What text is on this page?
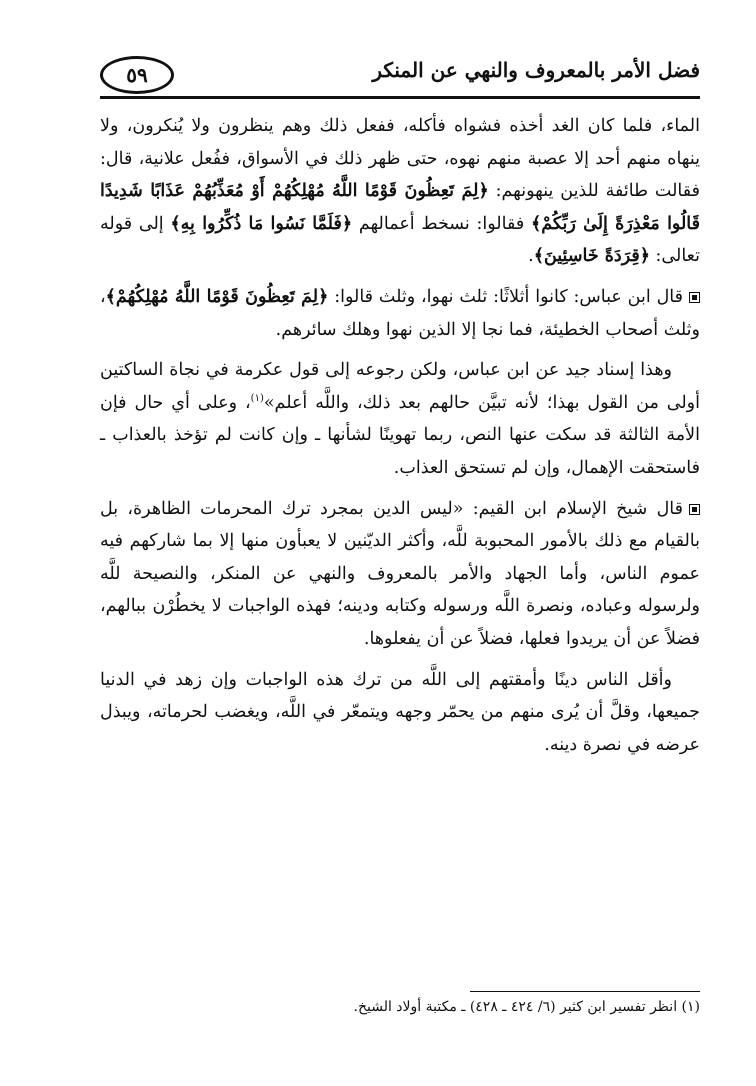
فضل الأمر بالمعروف والنهي عن المنكر
٥٩

الماء، فلما كان الغد أخذه فشواه فأكله، ففعل ذلك وهم ينظرون ولا يُنكرون، ولا ينهاه منهم أحد إلا عصبة منهم نهوه، حتى ظهر ذلك في الأسواق، ففُعل علانية، قال: فقالت طائفة للذين ينهونهم: ﴿لِمَ تَعِظُونَ قَوْمًا اللَّهُ مُهْلِكُهُمْ أَوْ مُعَذِّبُهُمْ عَذَابًا شَدِيدًا قَالُوا مَعْذِرَةً إِلَىٰ رَبِّكُمْ﴾ فقالوا: نسخط أعمالهم ﴿فَلَمَّا نَسُوا مَا ذُكِّرُوا بِهِ﴾ إلى قوله تعالى: ﴿قِرَدَةً خَاسِئِينَ﴾.

قال ابن عباس: كانوا أثلاثًا: ثلث نهوا، وثلث قالوا: ﴿لِمَ تَعِظُونَ قَوْمًا اللَّهُ مُهْلِكُهُمْ﴾، وثلث أصحاب الخطيئة، فما نجا إلا الذين نهوا وهلك سائرهم.

وهذا إسناد جيد عن ابن عباس، ولكن رجوعه إلى قول عكرمة في نجاة الساكتين أولى من القول بهذا؛ لأنه تبيَّن حالهم بعد ذلك، واللَّه أعلم»$^{(١)}$، وعلى أي حال فإن الأمة الثالثة قد سكت عنها النص، ربما تهوينًا لشأنها ـ وإن كانت لم تؤخذ بالعذاب ـ فاستحقت الإهمال، وإن لم تستحق العذاب.

قال شيخ الإسلام ابن القيم: «ليس الدين بمجرد ترك المحرمات الظاهرة، بل بالقيام مع ذلك بالأمور المحبوبة للَّه، وأكثر الديّنين لا يعبأون منها إلا بما شاركهم فيه عموم الناس، وأما الجهاد والأمر بالمعروف والنهي عن المنكر، والنصيحة للَّه ولرسوله وعباده، ونصرة اللَّه ورسوله وكتابه ودينه؛ فهذه الواجبات لا يخطُرْن ببالهم، فضلاً عن أن يريدوا فعلها، فضلاً عن أن يفعلوها.

وأقل الناس دينًا وأمقتهم إلى اللَّه من ترك هذه الواجبات وإن زهد في الدنيا جميعها، وقلَّ أن يُرى منهم من يحمّر وجهه ويتمعّر في اللَّه، ويغضب لحرماته، ويبذل عرضه في نصرة دينه.

(١) انظر تفسير ابن كثير (٦/ ٤٢٤ ـ ٤٢٨) ـ مكتبة أولاد الشيخ.
